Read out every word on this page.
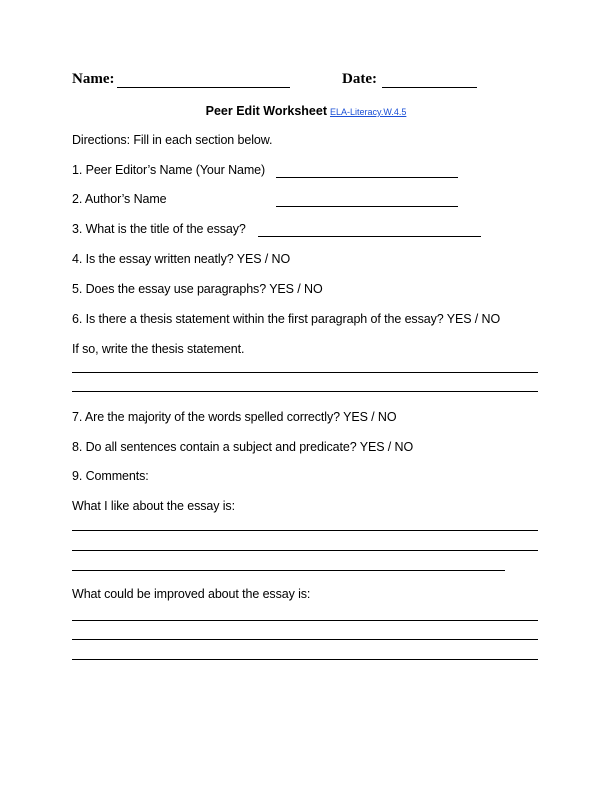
Name:	Date:
Peer Edit Worksheet ELA-Literacy.W.4.5
Directions: Fill in each section below.
1. Peer Editor’s Name (Your Name)
2. Author’s Name
3. What is the title of the essay?
4. Is the essay written neatly? YES / NO
5. Does the essay use paragraphs? YES / NO
6. Is there a thesis statement within the first paragraph of the essay? YES / NO
If so, write the thesis statement.
7. Are the majority of the words spelled correctly? YES / NO
8. Do all sentences contain a subject and predicate? YES / NO
9. Comments:
What I like about the essay is:
What could be improved about the essay is:
